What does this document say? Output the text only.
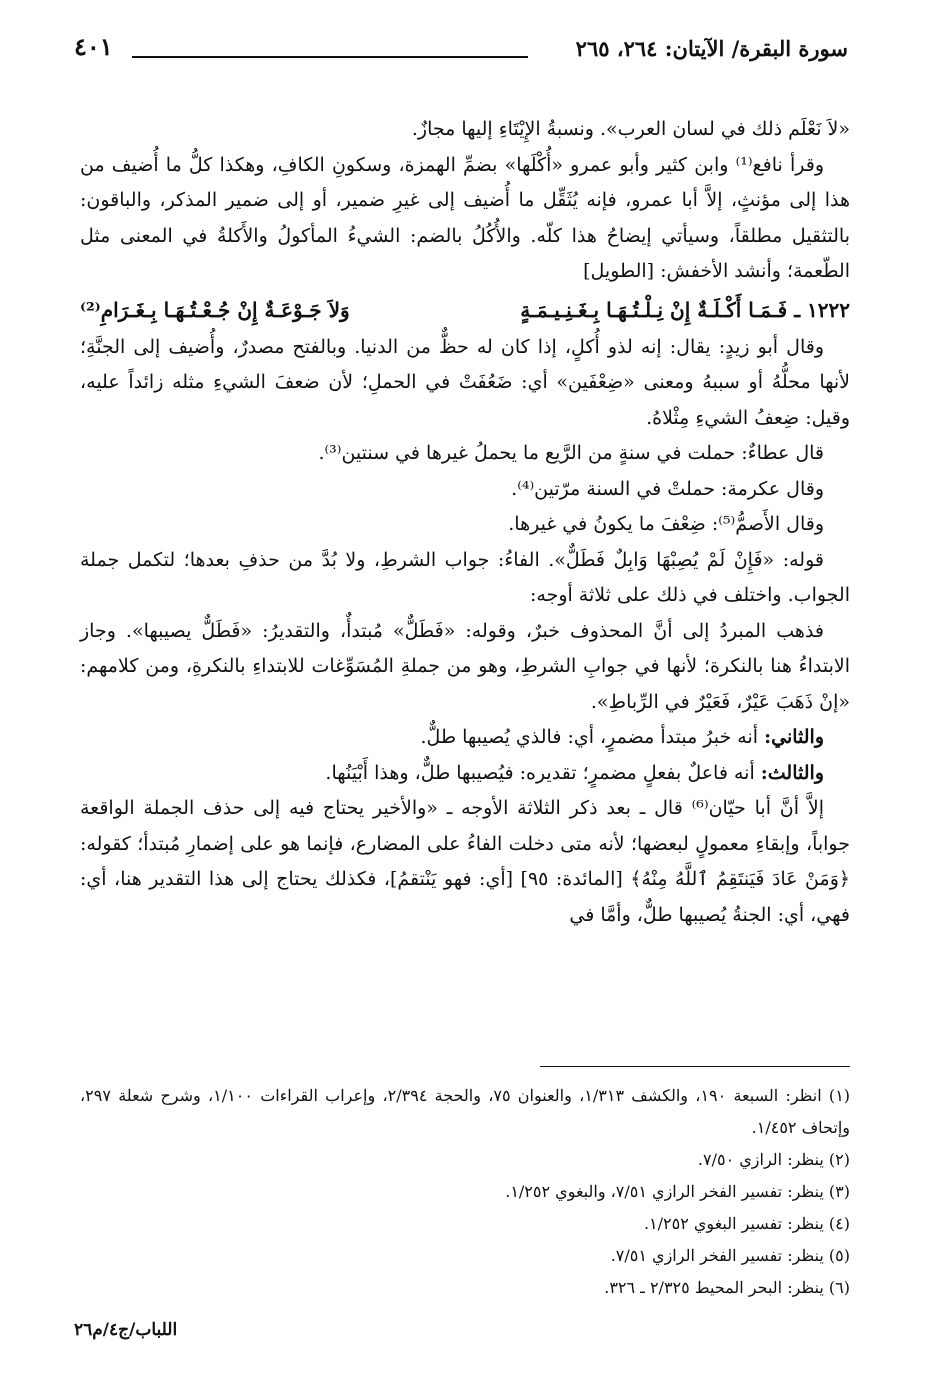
سورة البقرة/ الآيتان: ٢٦٤، ٢٦٥
٤٠١

«لاَ نَعْلَم ذلك في لسان العرب». ونسبةُ الإِيْتَاءِ إليها مجازٌ.

وقرأ نافع⁽¹⁾ وابن كثير وأبو عمرو «أُكْلَها» بضمِّ الهمزة، وسكونِ الكافِ، وهكذا كلُّ ما أُضيف من هذا إلى مؤنثٍ، إلاَّ أبا عمرو، فإنه يُثَقِّل ما أُضيف إلى غيرِ ضمير، أو إلى ضمير المذكر، والباقون: بالتثقيل مطلقاً، وسيأتي إيضاحُ هذا كلّه. والأُكُلُ بالضم: الشيءُ المأكولُ والأَكلةُ في المعنى مثل الطّعمة؛ وأنشد الأخفش: [الطويل]

١٢٢٢ ـ فَـمَـا أَكْـلَـةٌ إِنْ نِـلْـتُـهَـا بِـغَـنِـيـمَـةٍ
وَلاَ جَـوْعَـةٌ إِنْ جُـعْـتُـهَـا بِـغَـرَامِ⁽²⁾

وقال أبو زيدٍ: يقال: إنه لذو أُكلٍ، إذا كان له حظٌّ من الدنيا. وبالفتح مصدرٌ، وأُضيف إلى الجنَّةِ؛ لأنها محلُّهُ أو سببهُ ومعنى «ضِعْفَين» أي: ضَعُفَتْ في الحملِ؛ لأن ضعفَ الشيءِ مثله زائداً عليه، وقيل: ضِعفُ الشيءِ مِثْلاهُ.

قال عطاءٌ: حملت في سنةٍ من الرَّيع ما يحملُ غيرها في سنتين⁽³⁾.

وقال عكرمة: حملتْ في السنة مرّتين⁽⁴⁾.

وقال الأَصمُّ⁽⁵⁾: ضِعْفَ ما يكونُ في غيرها.

قوله: «فَإِنْ لَمْ يُصِبْهَا وَابِلٌ فَطَلٌّ». الفاءُ: جواب الشرطِ، ولا بُدَّ من حذفِ بعدها؛ لتكمل جملة الجواب. واختلف في ذلك على ثلاثة أوجه:

فذهب المبردُ إلى أنَّ المحذوف خبرٌ، وقوله: «فَطَلٌّ» مُبتدأٌ، والتقديرُ: «فَطَلٌّ يصيبها». وجاز الابتداءُ هنا بالنكرة؛ لأنها في جوابِ الشرطِ، وهو من جملةِ المُسَوِّغات للابتداءِ بالنكرةِ، ومن كلامهم: «إنْ ذَهَبَ عَيْرٌ، فَعَيْرٌ في الرِّباطِ».

والثاني: أنه خبرُ مبتدأ مضمرٍ، أي: فالذي يُصيبها طلٌّ.

والثالث: أنه فاعلٌ بفعلٍ مضمرٍ؛ تقديره: فيُصيبها طلٌّ، وهذا أَبْيَنُها.

إلاَّ أنَّ أبا حيّان⁽⁶⁾ قال ـ بعد ذكر الثلاثة الأوجه ـ «والأخير يحتاج فيه إلى حذف الجملة الواقعة جواباً، وإبقاءِ معمولٍ لبعضها؛ لأنه متى دخلت الفاءُ على المضارع، فإنما هو على إضمارِ مُبتدأ؛ كقوله: ﴿وَمَنْ عَادَ فَيَنتَقِمُ ٱللَّهُ مِنْهُ﴾ [المائدة: ٩٥] [أي: فهو يَنْتقمُ]، فكذلك يحتاج إلى هذا التقدير هنا، أي: فهي، أي: الجنةُ يُصيبها طلٌّ، وأمَّا في

(١) انظر: السبعة ١٩٠، والكشف ١/٣١٣، والعنوان ٧٥، والحجة ٢/٣٩٤، وإعراب القراءات ١/١٠٠، وشرح شعلة ٢٩٧، وإتحاف ١/٤٥٢.

(٢) ينظر: الرازي ٧/٥٠.

(٣) ينظر: تفسير الفخر الرازي ٧/٥١، والبغوي ١/٢٥٢.

(٤) ينظر: تفسير البغوي ١/٢٥٢.

(٥) ينظر: تفسير الفخر الرازي ٧/٥١.

(٦) ينظر: البحر المحيط ٢/٣٢٥ ـ ٣٢٦.

اللباب/ج٤/م٢٦
